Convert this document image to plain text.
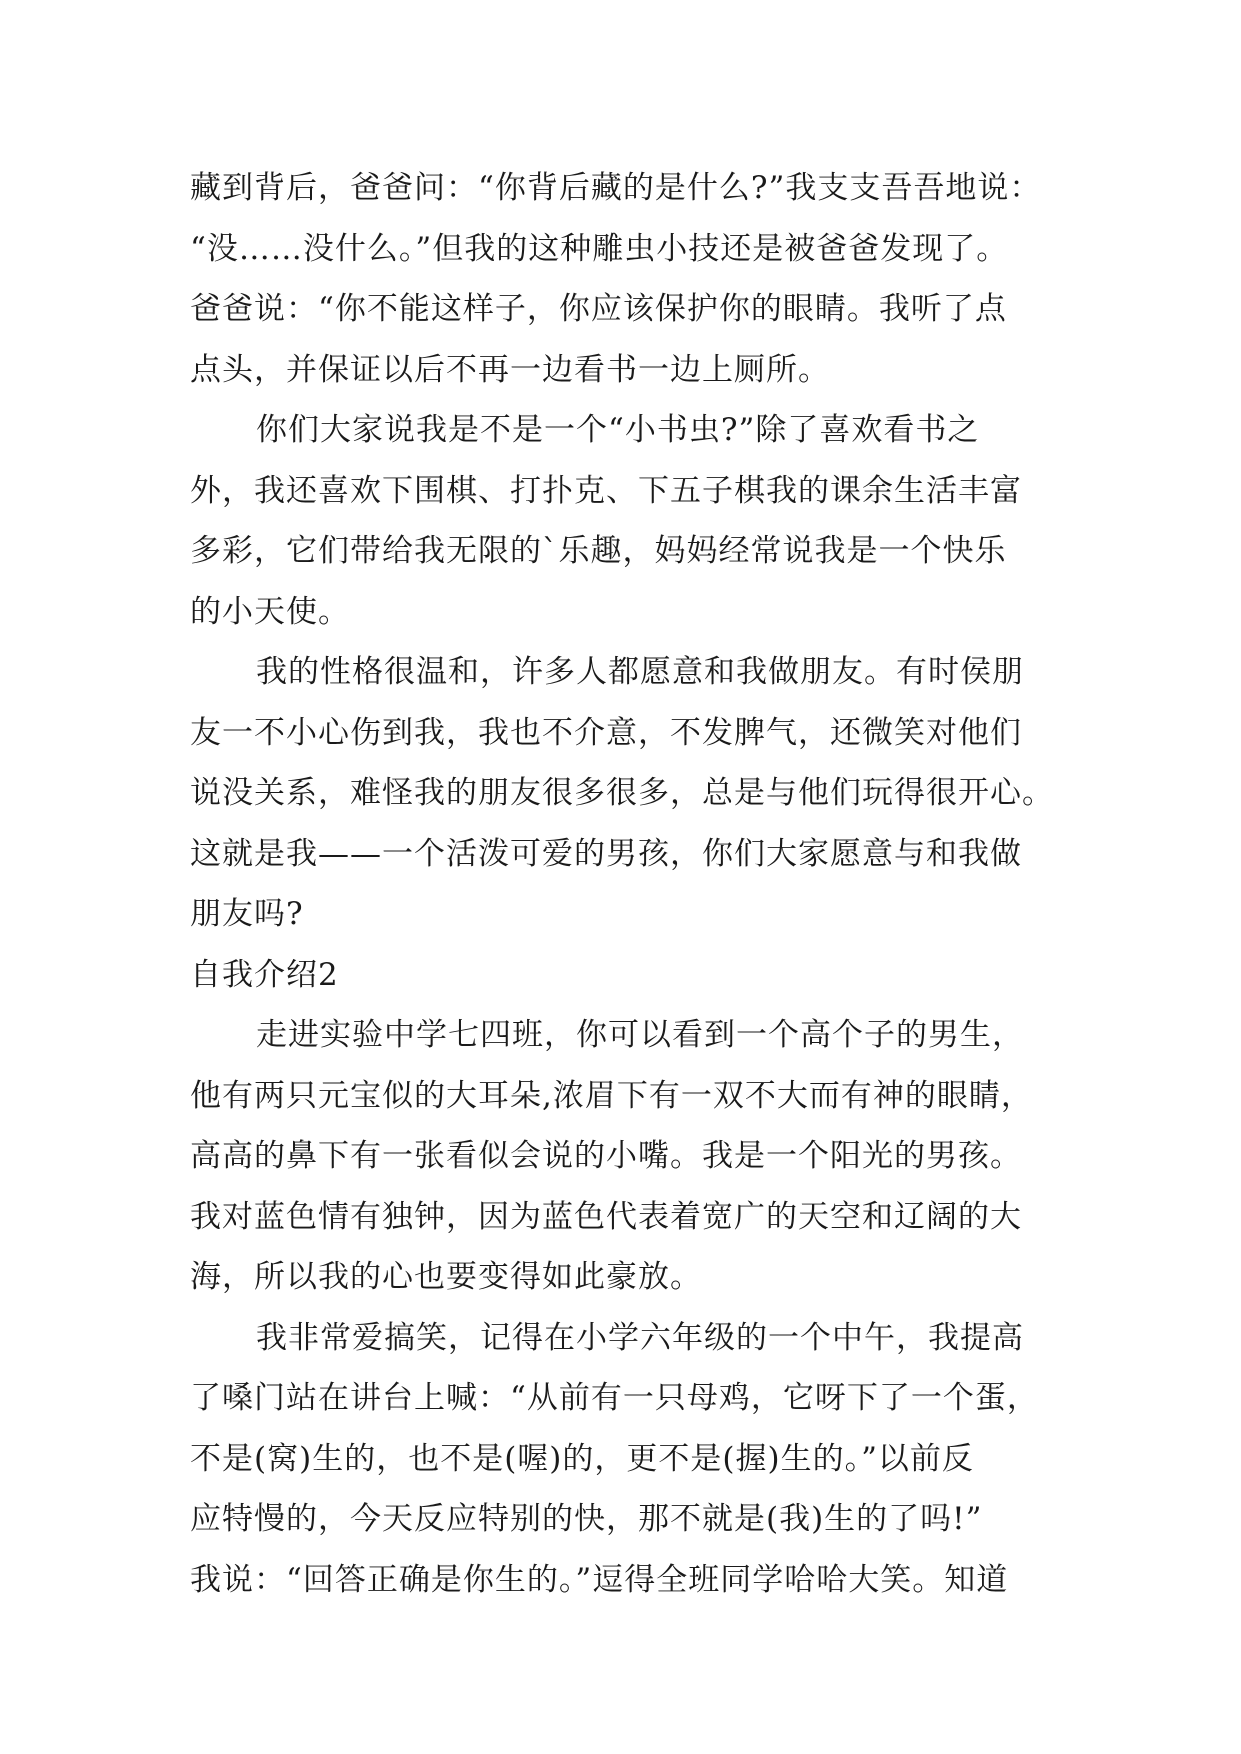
藏到背后，爸爸问：“你背后藏的是什么?”我支支吾吾地说：
“没……没什么。”但我的这种雕虫小技还是被爸爸发现了。
爸爸说：“你不能这样子，你应该保护你的眼睛。我听了点
点头，并保证以后不再一边看书一边上厕所。
你们大家说我是不是一个“小书虫?”除了喜欢看书之
外，我还喜欢下围棋、打扑克、下五子棋我的课余生活丰富
多彩，它们带给我无限的`乐趣，妈妈经常说我是一个快乐
的小天使。
我的性格很温和，许多人都愿意和我做朋友。有时侯朋
友一不小心伤到我，我也不介意，不发脾气，还微笑对他们
说没关系，难怪我的朋友很多很多，总是与他们玩得很开心。
这就是我——一个活泼可爱的男孩，你们大家愿意与和我做
朋友吗?
自我介绍2
走进实验中学七四班，你可以看到一个高个子的男生，
他有两只元宝似的大耳朵,浓眉下有一双不大而有神的眼睛，
高高的鼻下有一张看似会说的小嘴。我是一个阳光的男孩。
我对蓝色情有独钟，因为蓝色代表着宽广的天空和辽阔的大
海，所以我的心也要变得如此豪放。
我非常爱搞笑，记得在小学六年级的一个中午，我提高
了嗓门站在讲台上喊：“从前有一只母鸡，它呀下了一个蛋，
不是(窝)生的，也不是(喔)的，更不是(握)生的。”以前反
应特慢的，今天反应特别的快，那不就是(我)生的了吗!”
我说：“回答正确是你生的。”逗得全班同学哈哈大笑。知道
